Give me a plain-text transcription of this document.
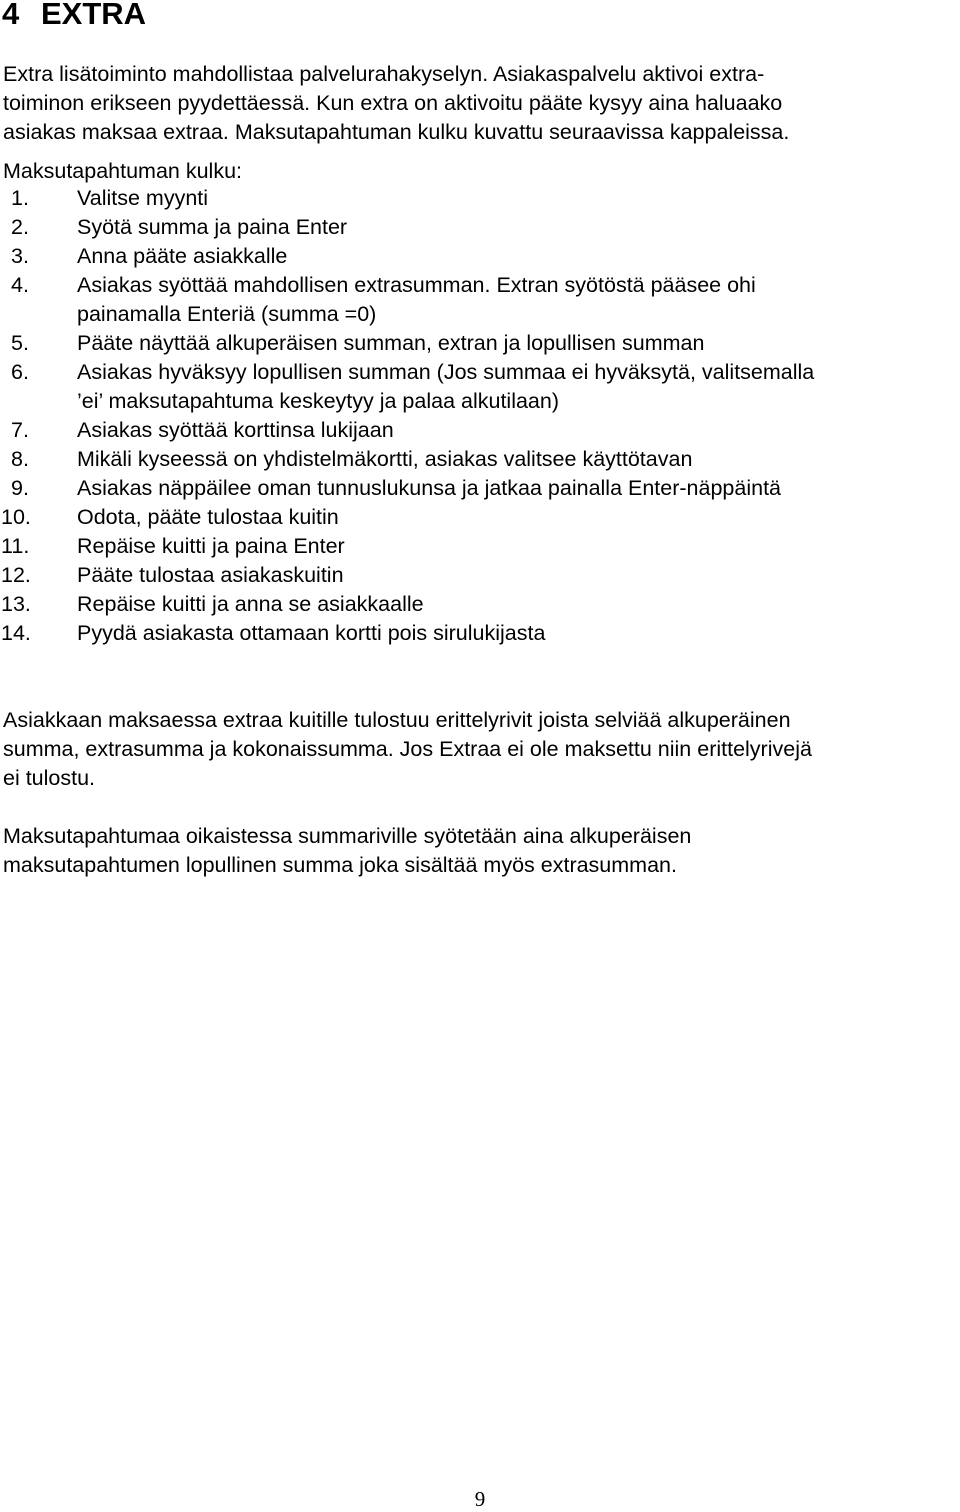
4 EXTRA

Extra lisätoiminto mahdollistaa palvelurahakyselyn. Asiakaspalvelu aktivoi extra-
toiminon erikseen pyydettäessä. Kun extra on aktivoitu pääte kysyy aina haluaako
asiakas maksaa extraa. Maksutapahtuman kulku kuvattu seuraavissa kappaleissa.

Maksutapahtuman kulku:

1. Valitse myynti
2. Syötä summa ja paina Enter
3. Anna pääte asiakkalle
4. Asiakas syöttää mahdollisen extrasumman. Extran syötöstä pääsee ohi
painamalla Enteriä (summa =0)
5. Pääte näyttää alkuperäisen summan, extran ja lopullisen summan
6. Asiakas hyväksyy lopullisen summan (Jos summaa ei hyväksytä, valitsemalla
’ei’ maksutapahtuma keskeytyy ja palaa alkutilaan)
7. Asiakas syöttää korttinsa lukijaan
8. Mikäli kyseessä on yhdistelmäkortti, asiakas valitsee käyttötavan
9. Asiakas näppäilee oman tunnuslukunsa ja jatkaa painalla Enter-näppäintä
10. Odota, pääte tulostaa kuitin
11. Repäise kuitti ja paina Enter
12. Pääte tulostaa asiakaskuitin
13. Repäise kuitti ja anna se asiakkaalle
14. Pyydä asiakasta ottamaan kortti pois sirulukijasta

Asiakkaan maksaessa extraa kuitille tulostuu erittelyrivit joista selviää alkuperäinen
summa, extrasumma ja kokonaissumma. Jos Extraa ei ole maksettu niin erittelyrivejä
ei tulostu.

Maksutapahtumaa oikaistessa summariville syötetään aina alkuperäisen
maksutapahtumen lopullinen summa joka sisältää myös extrasumman.

9
